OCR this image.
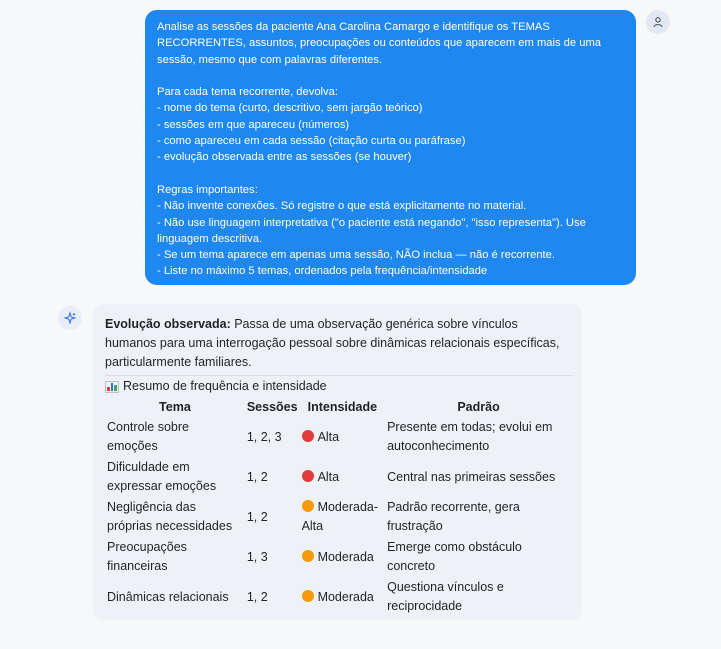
Analise as sessões da paciente Ana Carolina Camargo e identifique os TEMAS
RECORRENTES, assuntos, preocupações ou conteúdos que aparecem em mais de uma
sessão, mesmo que com palavras diferentes.
Para cada tema recorrente, devolva:
- nome do tema (curto, descritivo, sem jargão teórico)
- sessões em que apareceu (números)
- como apareceu em cada sessão (citação curta ou paráfrase)
- evolução observada entre as sessões (se houver)
Regras importantes:
- Não invente conexões. Só registre o que está explicitamente no material.
- Não use linguagem interpretativa ("o paciente está negando", "isso representa"). Use
linguagem descritiva.
- Se um tema aparece em apenas uma sessão, NÃO inclua — não é recorrente.
- Liste no máximo 5 temas, ordenados pela frequência/intensidade

Evolução observada: Passa de uma observação genérica sobre vínculos humanos para uma interrogação pessoal sobre dinâmicas relacionais específicas, particularmente familiares.

Resumo de frequência e intensidade
Tema	Sessões	Intensidade	Padrão
Controle sobre emoções	1, 2, 3	Alta	Presente em todas; evolui em autoconhecimento
Dificuldade em expressar emoções	1, 2	Alta	Central nas primeiras sessões
Negligência das próprias necessidades	1, 2	Moderada-Alta	Padrão recorrente, gera frustração
Preocupações financeiras	1, 3	Moderada	Emerge como obstáculo concreto
Dinâmicas relacionais	1, 2	Moderada	Questiona vínculos e reciprocidade
